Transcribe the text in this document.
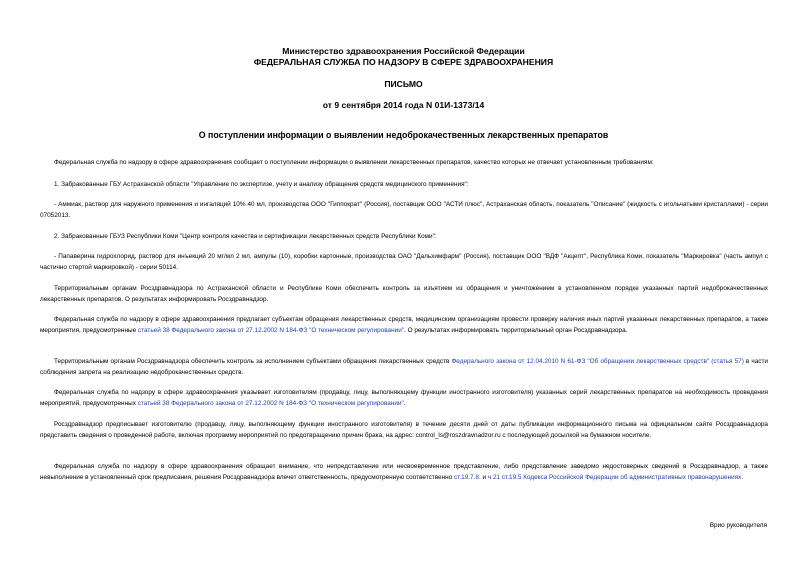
Министерство здравоохранения Российской Федерации
ФЕДЕРАЛЬНАЯ СЛУЖБА ПО НАДЗОРУ В СФЕРЕ ЗДРАВООХРАНЕНИЯ
ПИСЬМО
от 9 сентября 2014 года N 01И-1373/14
О поступлении информации о выявлении недоброкачественных лекарственных препаратов
Федеральная служба по надзору в сфере здравоохранения сообщает о поступлении информации о выявлении лекарственных препаратов, качество которых не отвечает установленным требованиям:
1. Забракованные ГБУ Астраханской области "Управление по экспертизе, учету и анализу обращения средств медицинского применения":
- Аммиак, раствор для наружного применения и ингаляций 10% 40 мл, производства ООО "Гиппократ" (Россия), поставщик ООО "АСТИ плюс", Астраханская область, показатель "Описание" (жидкость с игольчатыми кристаллами) - серии 07052013.
2. Забракованные ГБУЗ Республики Коми "Центр контроля качества и сертификации лекарственных средств Республики Коми":
- Папаверина гидрохлорид, раствор для инъекций 20 мг/мл 2 мл, ампулы (10), коробки картонные, производства ОАО "Дальхимфарм" (Россия), поставщик ООО "ВДФ "Акцепт", Республика Коми, показатель "Маркировка" (часть ампул с частично стертой маркировкой) - серии 50114.
Территориальным органам Росздравнадзора по Астраханской области и Республике Коми обеспечить контроль за изъятием из обращения и уничтожением в установленном порядке указанных партий недоброкачественных лекарственных препаратов. О результатах информировать Росздравнадзор.
Федеральная служба по надзору в сфере здравоохранения предлагает субъектам обращения лекарственных средств, медицинским организациям провести проверку наличия иных партий указанных лекарственных препаратов, а также мероприятия, предусмотренные статьей 38 Федерального закона от 27.12.2002 N 184-ФЗ "О техническом регулировании". О результатах информировать территориальный орган Росздравнадзора.
Территориальным органам Росздравнадзора обеспечить контроль за исполнением субъектами обращения лекарственных средств Федерального закона от 12.04.2010 N 61-ФЗ "Об обращении лекарственных средств" (статья 57) в части соблюдения запрета на реализацию недоброкачественных средств.
Федеральная служба по надзору в сфере здравоохранения указывает изготовителям (продавцу, лицу, выполняющему функции иностранного изготовителя) указанных серий лекарственных препаратов на необходимость проведения мероприятий, предусмотренных статьей 38 Федерального закона от 27.12.2002 N 184-ФЗ "О техническом регулировании".
Росздравнадзор предписывает изготовителю (продавцу, лицу, выполняющему функции иностранного изготовителя) в течение десяти дней от даты публикации информационного письма на официальном сайте Росздравнадзора представить сведения о проведенной работе, включая программу мероприятий по предотвращению причин брака, на адрес: control_ls@roszdravnadzor.ru с последующей досылкой на бумажном носителе.
Федеральная служба по надзору в сфере здравоохранения обращает внимание, что непредставление или несвоевременное представление, либо представление заведомо недостоверных сведений в Росздравнадзор, а также невыполнение в установленный срок предписания, решения Росздравнадзора влечет ответственность, предусмотренную соответственно ст.19.7.8. и ч.21 ст.19.5 Кодекса Российской Федерации об административных правонарушениях.
Врио руководителя
